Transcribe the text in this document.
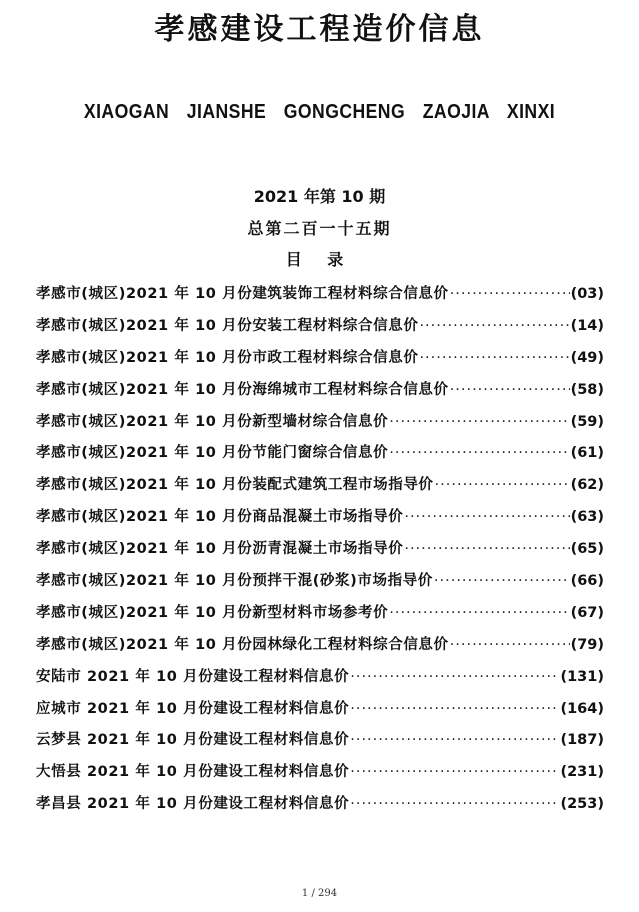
孝感建设工程造价信息
XIAOGAN JIANSHE GONGCHENG ZAOJIA XINXI
2021 年第 10 期
总第二百一十五期
目 录
孝感市(城区)2021 年 10 月份建筑装饰工程材料综合信息价 ·····	(03)
孝感市(城区)2021 年 10 月份安装工程材料综合信息价 ·····	(14)
孝感市(城区)2021 年 10 月份市政工程材料综合信息价 ·····	(49)
孝感市(城区)2021 年 10 月份海绵城市工程材料综合信息价 ·····	(58)
孝感市(城区)2021 年 10 月份新型墙材综合信息价 ·····	(59)
孝感市(城区)2021 年 10 月份节能门窗综合信息价 ·····	(61)
孝感市(城区)2021 年 10 月份装配式建筑工程市场指导价 ·····	(62)
孝感市(城区)2021 年 10 月份商品混凝土市场指导价 ·····	(63)
孝感市(城区)2021 年 10 月份沥青混凝土市场指导价 ·····	(65)
孝感市(城区)2021 年 10 月份预拌干混(砂浆)市场指导价 ·····	(66)
孝感市(城区)2021 年 10 月份新型材料市场参考价 ·····	(67)
孝感市(城区)2021 年 10 月份园林绿化工程材料综合信息价 ·····	(79)
安陆市 2021 年 10 月份建设工程材料信息价 ·····	(131)
应城市 2021 年 10 月份建设工程材料信息价 ·····	(164)
云梦县 2021 年 10 月份建设工程材料信息价 ·····	(187)
大悟县 2021 年 10 月份建设工程材料信息价 ·····	(231)
孝昌县 2021 年 10 月份建设工程材料信息价 ·····	(253)
1 / 294
